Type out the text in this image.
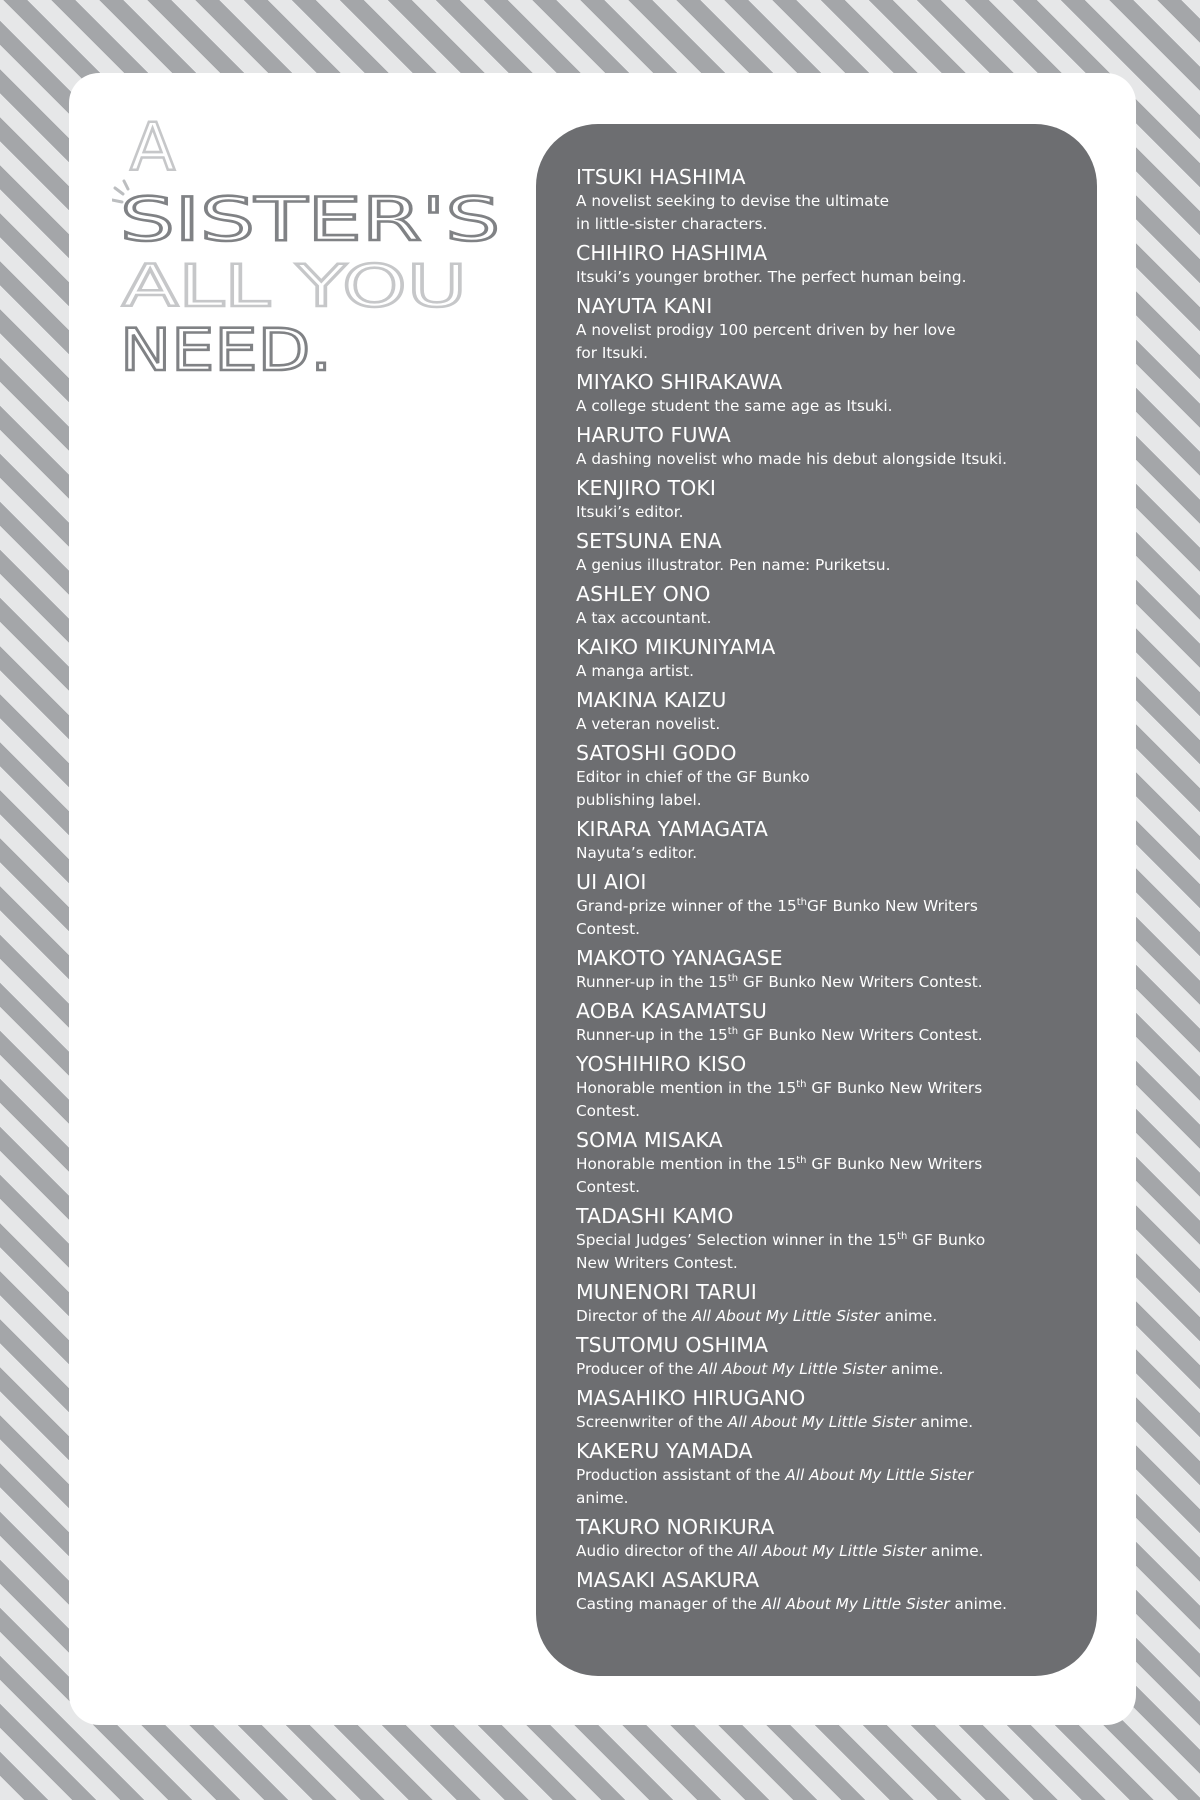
A
SISTER'S
ALL YOU
NEED.
ITSUKI HASHIMA
A novelist seeking to devise the ultimate
in little-sister characters.
CHIHIRO HASHIMA
Itsuki’s younger brother. The perfect human being.
NAYUTA KANI
A novelist prodigy 100 percent driven by her love
for Itsuki.
MIYAKO SHIRAKAWA
A college student the same age as Itsuki.
HARUTO FUWA
A dashing novelist who made his debut alongside Itsuki.
KENJIRO TOKI
Itsuki’s editor.
SETSUNA ENA
A genius illustrator. Pen name: Puriketsu.
ASHLEY ONO
A tax accountant.
KAIKO MIKUNIYAMA
A manga artist.
MAKINA KAIZU
A veteran novelist.
SATOSHI GODO
Editor in chief of the GF Bunko
publishing label.
KIRARA YAMAGATA
Nayuta’s editor.
UI AIOI
Grand-prize winner of the 15thGF Bunko New Writers
Contest.
MAKOTO YANAGASE
Runner-up in the 15th GF Bunko New Writers Contest.
AOBA KASAMATSU
Runner-up in the 15th GF Bunko New Writers Contest.
YOSHIHIRO KISO
Honorable mention in the 15th GF Bunko New Writers
Contest.
SOMA MISAKA
Honorable mention in the 15th GF Bunko New Writers
Contest.
TADASHI KAMO
Special Judges’ Selection winner in the 15th GF Bunko
New Writers Contest.
MUNENORI TARUI
Director of the All About My Little Sister anime.
TSUTOMU OSHIMA
Producer of the All About My Little Sister anime.
MASAHIKO HIRUGANO
Screenwriter of the All About My Little Sister anime.
KAKERU YAMADA
Production assistant of the All About My Little Sister
anime.
TAKURO NORIKURA
Audio director of the All About My Little Sister anime.
MASAKI ASAKURA
Casting manager of the All About My Little Sister anime.
